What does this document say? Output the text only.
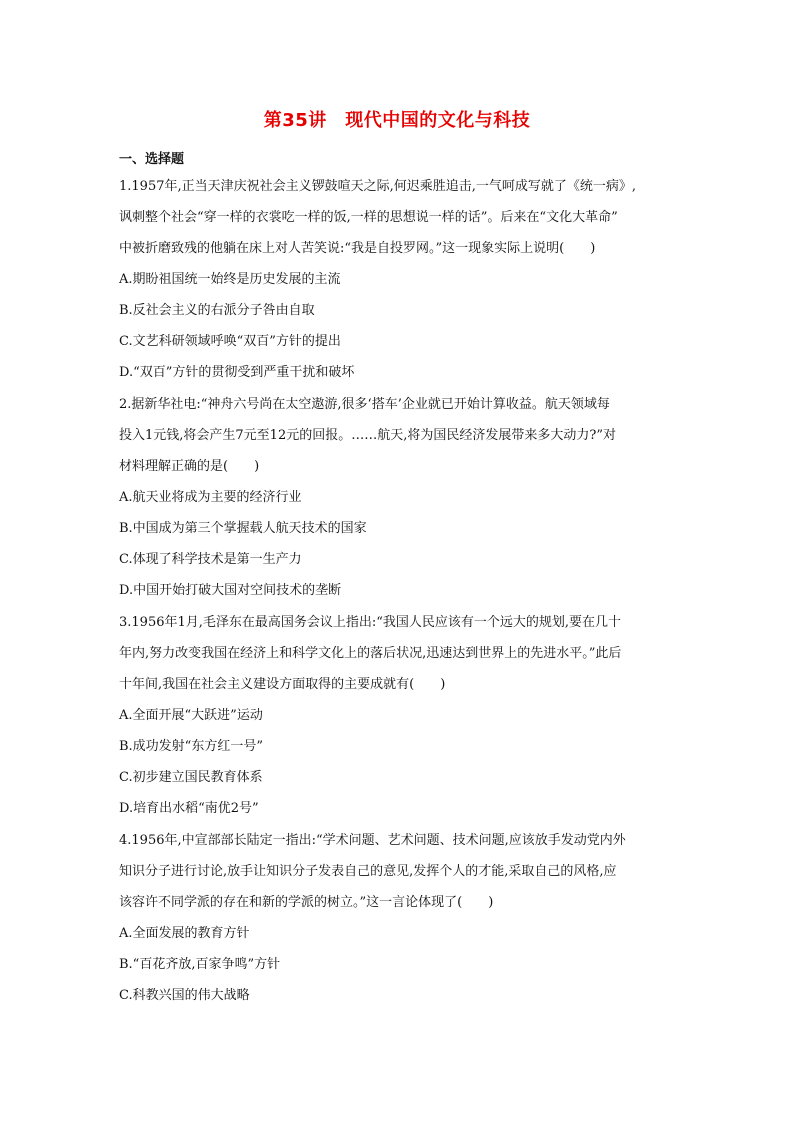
第35讲　现代中国的文化与科技
一、选择题
1.1957年,正当天津庆祝社会主义锣鼓喧天之际,何迟乘胜追击,一气呵成写就了《统一病》,
讽刺整个社会“穿一样的衣裳吃一样的饭,一样的思想说一样的话”。后来在“文化大革命”
中被折磨致残的他躺在床上对人苦笑说:“我是自投罗网。”这一现象实际上说明(　　)
A.期盼祖国统一始终是历史发展的主流
B.反社会主义的右派分子咎由自取
C.文艺科研领域呼唤“双百”方针的提出
D.“双百”方针的贯彻受到严重干扰和破坏
2.据新华社电:“神舟六号尚在太空遨游,很多‘搭车’企业就已开始计算收益。航天领域每
投入1元钱,将会产生7元至12元的回报。……航天,将为国民经济发展带来多大动力?”对
材料理解正确的是(　　)
A.航天业将成为主要的经济行业
B.中国成为第三个掌握载人航天技术的国家
C.体现了科学技术是第一生产力
D.中国开始打破大国对空间技术的垄断
3.1956年1月,毛泽东在最高国务会议上指出:“我国人民应该有一个远大的规划,要在几十
年内,努力改变我国在经济上和科学文化上的落后状况,迅速达到世界上的先进水平。”此后
十年间,我国在社会主义建设方面取得的主要成就有(　　)
A.全面开展“大跃进”运动
B.成功发射“东方红一号”
C.初步建立国民教育体系
D.培育出水稻“南优2号”
4.1956年,中宣部部长陆定一指出:“学术问题、艺术问题、技术问题,应该放手发动党内外
知识分子进行讨论,放手让知识分子发表自己的意见,发挥个人的才能,采取自己的风格,应
该容许不同学派的存在和新的学派的树立。”这一言论体现了(　　)
A.全面发展的教育方针
B.“百花齐放,百家争鸣”方针
C.科教兴国的伟大战略
